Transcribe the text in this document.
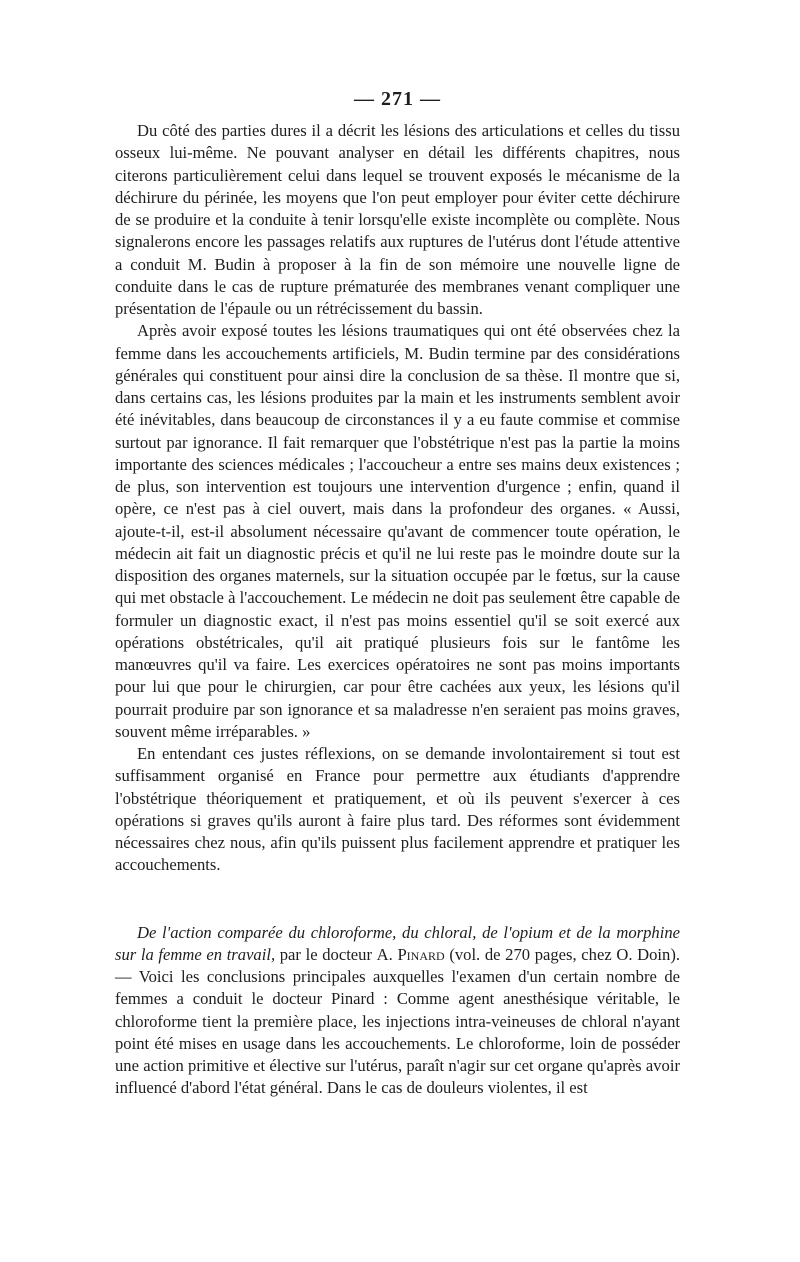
— 271 —

Du côté des parties dures il a décrit les lésions des articulations et celles du tissu osseux lui-même. Ne pouvant analyser en détail les différents chapitres, nous citerons particulièrement celui dans lequel se trouvent exposés le mécanisme de la déchirure du périnée, les moyens que l'on peut employer pour éviter cette déchirure de se produire et la conduite à tenir lorsqu'elle existe incomplète ou complète. Nous signalerons encore les passages relatifs aux ruptures de l'utérus dont l'étude attentive a conduit M. Budin à proposer à la fin de son mémoire une nouvelle ligne de conduite dans le cas de rupture prématurée des membranes venant compliquer une présentation de l'épaule ou un rétrécissement du bassin.

Après avoir exposé toutes les lésions traumatiques qui ont été observées chez la femme dans les accouchements artificiels, M. Budin termine par des considérations générales qui constituent pour ainsi dire la conclusion de sa thèse. Il montre que si, dans certains cas, les lésions produites par la main et les instruments semblent avoir été inévitables, dans beaucoup de circonstances il y a eu faute commise et commise surtout par ignorance. Il fait remarquer que l'obstétrique n'est pas la partie la moins importante des sciences médicales ; l'accoucheur a entre ses mains deux existences ; de plus, son intervention est toujours une intervention d'urgence ; enfin, quand il opère, ce n'est pas à ciel ouvert, mais dans la profondeur des organes. « Aussi, ajoute-t-il, est-il absolument nécessaire qu'avant de commencer toute opération, le médecin ait fait un diagnostic précis et qu'il ne lui reste pas le moindre doute sur la disposition des organes maternels, sur la situation occupée par le fœtus, sur la cause qui met obstacle à l'accouchement. Le médecin ne doit pas seulement être capable de formuler un diagnostic exact, il n'est pas moins essentiel qu'il se soit exercé aux opérations obstétricales, qu'il ait pratiqué plusieurs fois sur le fantôme les manœuvres qu'il va faire. Les exercices opératoires ne sont pas moins importants pour lui que pour le chirurgien, car pour être cachées aux yeux, les lésions qu'il pourrait produire par son ignorance et sa maladresse n'en seraient pas moins graves, souvent même irréparables. »

En entendant ces justes réflexions, on se demande involontairement si tout est suffisamment organisé en France pour permettre aux étudiants d'apprendre l'obstétrique théoriquement et pratiquement, et où ils peuvent s'exercer à ces opérations si graves qu'ils auront à faire plus tard. Des réformes sont évidemment nécessaires chez nous, afin qu'ils puissent plus facilement apprendre et pratiquer les accouchements.

De l'action comparée du chloroforme, du chloral, de l'opium et de la morphine sur la femme en travail, par le docteur A. Pinard (vol. de 270 pages, chez O. Doin). — Voici les conclusions principales auxquelles l'examen d'un certain nombre de femmes a conduit le docteur Pinard : Comme agent anesthésique véritable, le chloroforme tient la première place, les injections intra-veineuses de chloral n'ayant point été mises en usage dans les accouchements. Le chloroforme, loin de posséder une action primitive et élective sur l'utérus, paraît n'agir sur cet organe qu'après avoir influencé d'abord l'état général. Dans le cas de douleurs violentes, il est
